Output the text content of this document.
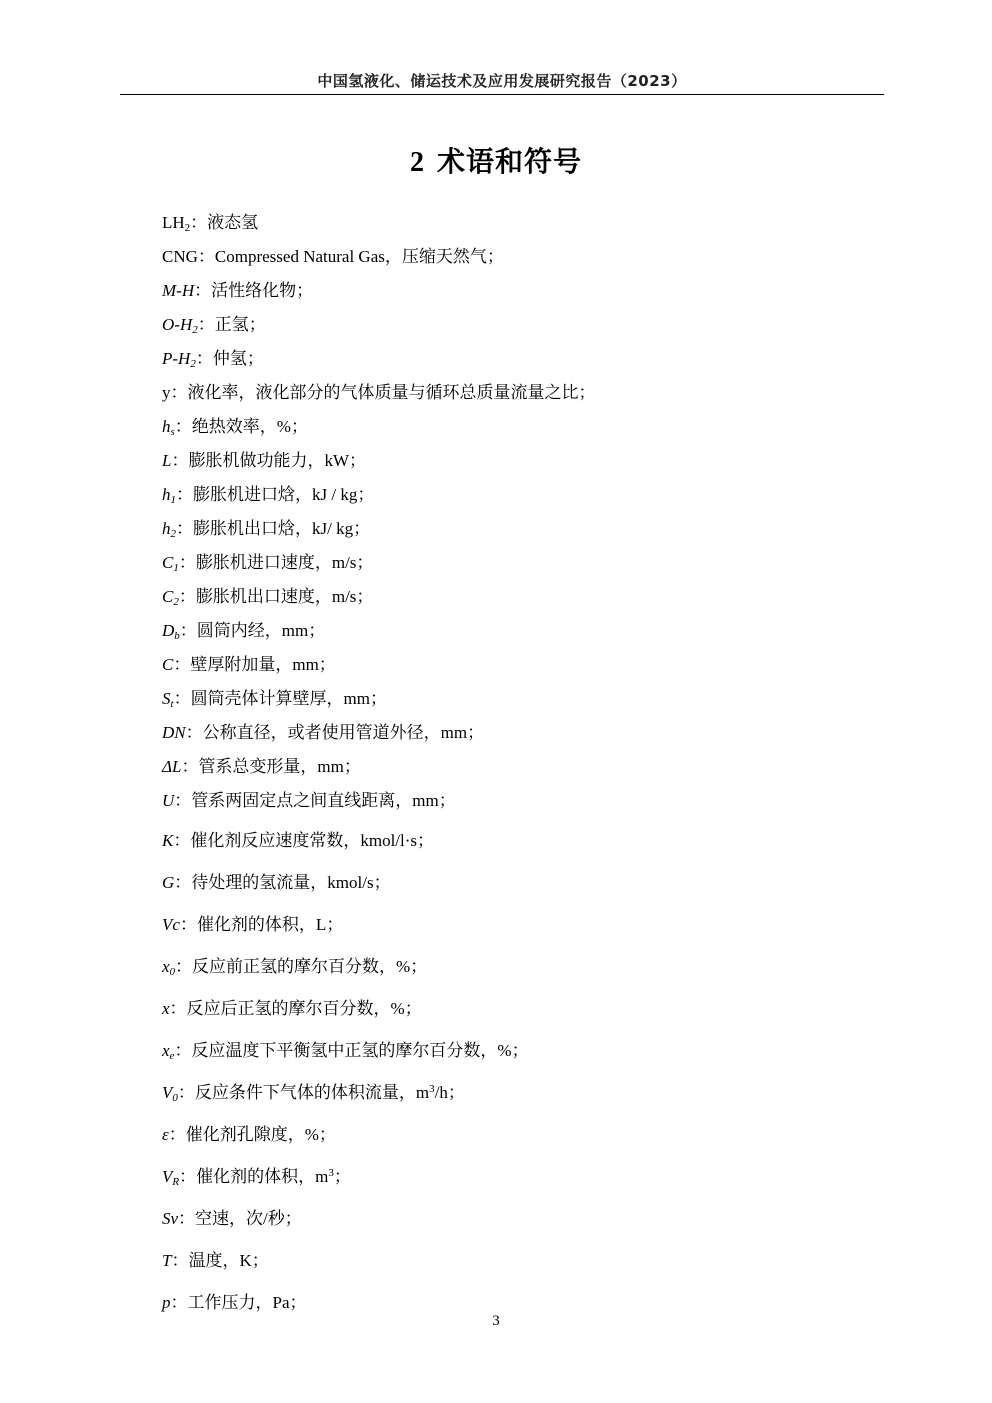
中国氢液化、储运技术及应用发展研究报告（2023）
2 术语和符号
$LH_2$：液态氢
CNG：Compressed Natural Gas，压缩天然气；
M-H：活性络化物；
$O-H_2$：正氢；
$P-H_2$：仲氢；
y：液化率，液化部分的气体质量与循环总质量流量之比；
$h_s$：绝热效率，%；
L：膨胀机做功能力，kW；
$h_1$：膨胀机进口焓，kJ / kg；
$h_2$：膨胀机出口焓，kJ/ kg；
$C_1$：膨胀机进口速度，m/s；
$C_2$：膨胀机出口速度，m/s；
$D_b$：圆筒内经，mm；
C：壁厚附加量，mm；
$S_t$：圆筒壳体计算壁厚，mm；
DN：公称直径，或者使用管道外径，mm；
ΔL：管系总变形量，mm；
U：管系两固定点之间直线距离，mm；
K：催化剂反应速度常数，kmol/l·s；
G：待处理的氢流量，kmol/s；
Vc：催化剂的体积，L；
$x_0$：反应前正氢的摩尔百分数，%；
x：反应后正氢的摩尔百分数，%；
$x_e$：反应温度下平衡氢中正氢的摩尔百分数，%；
$V_0$：反应条件下气体的体积流量，$m^3/h$；
ε：催化剂孔隙度，%；
$V_R$：催化剂的体积，$m^3$；
Sv：空速，次/秒；
T：温度，K；
p：工作压力，Pa；
3
